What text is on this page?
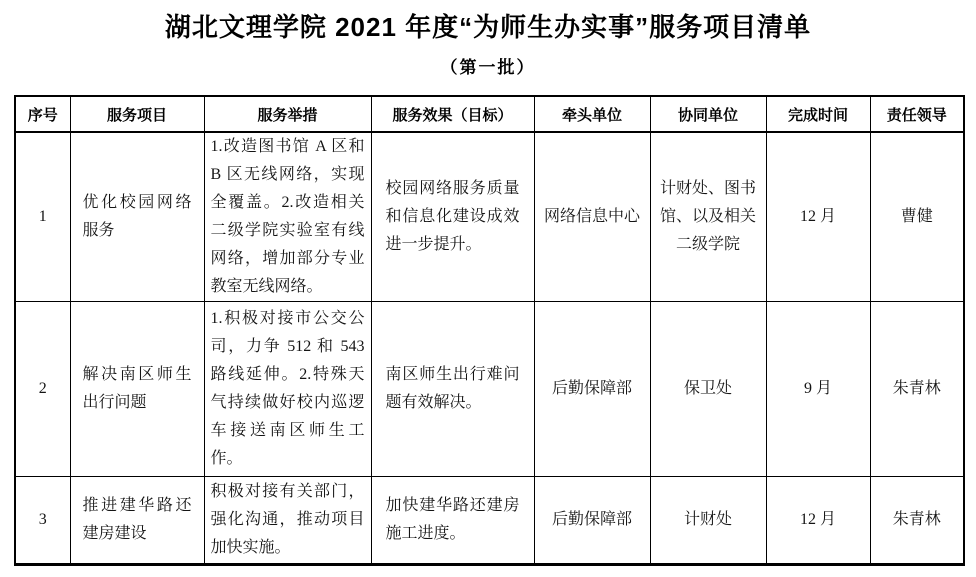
湖北文理学院 2021 年度“为师生办实事”服务项目清单
（第一批）
序号	服务项目	服务举措	服务效果（目标）	牵头单位	协同单位	完成时间	责任领导
1	优化校园网络服务	1.改造图书馆 A 区和 B 区无线网络，实现全覆盖。2.改造相关二级学院实验室有线网络，增加部分专业教室无线网络。	校园网络服务质量和信息化建设成效进一步提升。	网络信息中心	计财处、图书馆、以及相关二级学院	12 月	曹健
2	解决南区师生出行问题	1.积极对接市公交公司，力争 512 和 543 路线延伸。2.特殊天气持续做好校内巡逻车接送南区师生工作。	南区师生出行难问题有效解决。	后勤保障部	保卫处	9 月	朱青林
3	推进建华路还建房建设	积极对接有关部门，强化沟通，推动项目加快实施。	加快建华路还建房施工进度。	后勤保障部	计财处	12 月	朱青林
